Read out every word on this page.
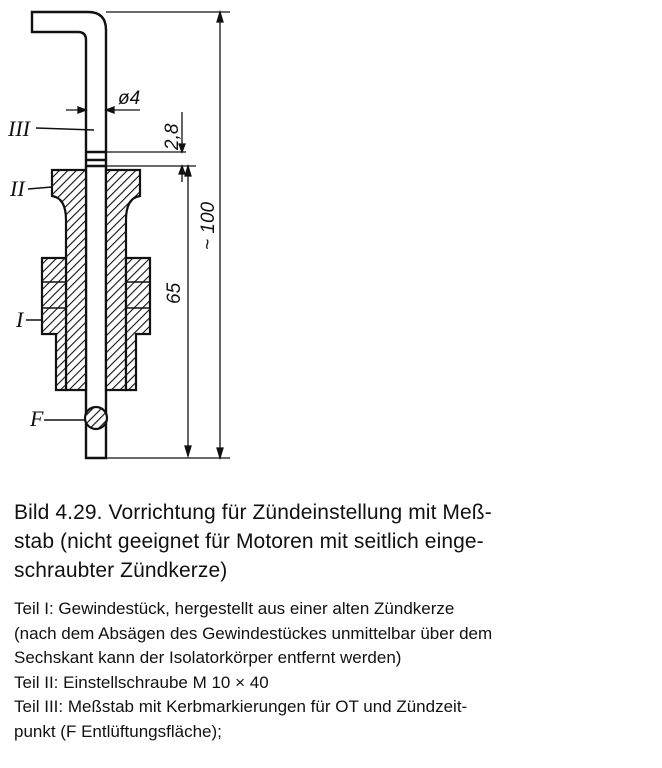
III
II
I
F
ø4
2,8
65
~ 100
Bild 4.29. Vorrichtung für Zündeinstellung mit Meß-
stab (nicht geeignet für Motoren mit seitlich einge-
schraubter Zündkerze)
Teil I: Gewindestück, hergestellt aus einer alten Zündkerze
(nach dem Absägen des Gewindestückes unmittelbar über dem
Sechskant kann der Isolatorkörper entfernt werden)
Teil II: Einstellschraube M 10 × 40
Teil III: Meßstab mit Kerbmarkierungen für OT und Zündzeit-
punkt (F Entlüftungsfläche);
